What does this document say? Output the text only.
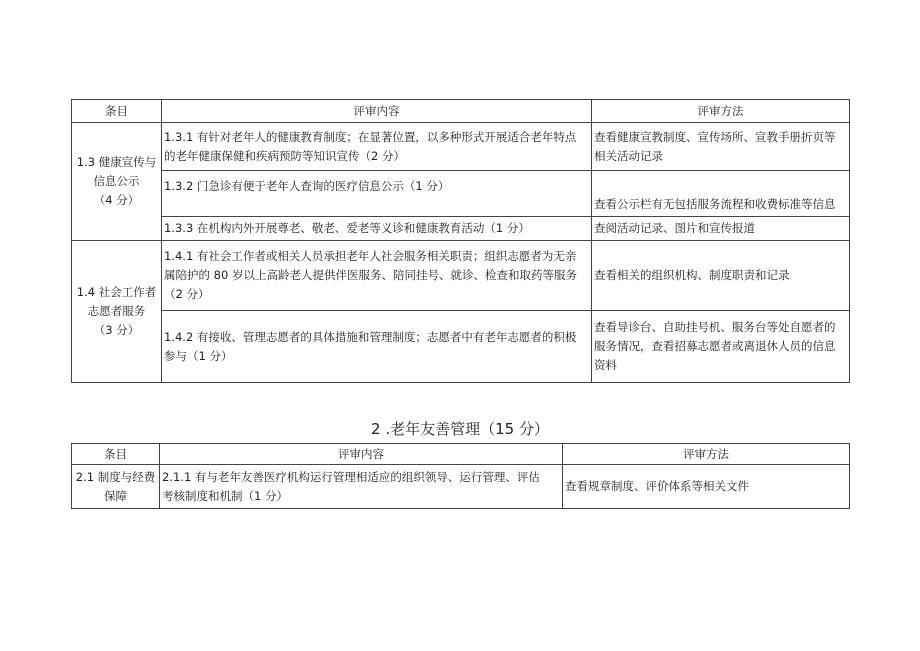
条目	评审内容	评审方法

1.3 健康宣传与
信息公示
（4 分）	1.3.1 有针对老年人的健康教育制度；在显著位置，以多种形式开展适合老年特点
的老年健康保健和疾病预防等知识宣传（2 分）	查看健康宣教制度、宣传场所、宣教手册折页等
相关活动记录

	1.3.2 门急诊有便于老年人查询的医疗信息公示（1 分）	查看公示栏有无包括服务流程和收费标准等信息

	1.3.3 在机构内外开展尊老、敬老、爱老等义诊和健康教育活动（1 分）	查阅活动记录、图片和宣传报道

1.4 社会工作者
志愿者服务
（3 分）	1.4.1 有社会工作者或相关人员承担老年人社会服务相关职责；组织志愿者为无亲
属陪护的 80 岁以上高龄老人提供伴医服务、陪同挂号、就诊、检查和取药等服务
（2 分）	查看相关的组织机构、制度职责和记录

	1.4.2 有接收、管理志愿者的具体措施和管理制度；志愿者中有老年志愿者的积极
参与（1 分）	查看导诊台、自助挂号机、服务台等处自愿者的
服务情况，查看招募志愿者或离退休人员的信息
资料
2 .老年友善管理（15 分）
条目	评审内容	评审方法

2.1 制度与经费
保障	2.1.1 有与老年友善医疗机构运行管理相适应的组织领导、运行管理、评估
考核制度和机制（1 分）	查看规章制度、评价体系等相关文件
